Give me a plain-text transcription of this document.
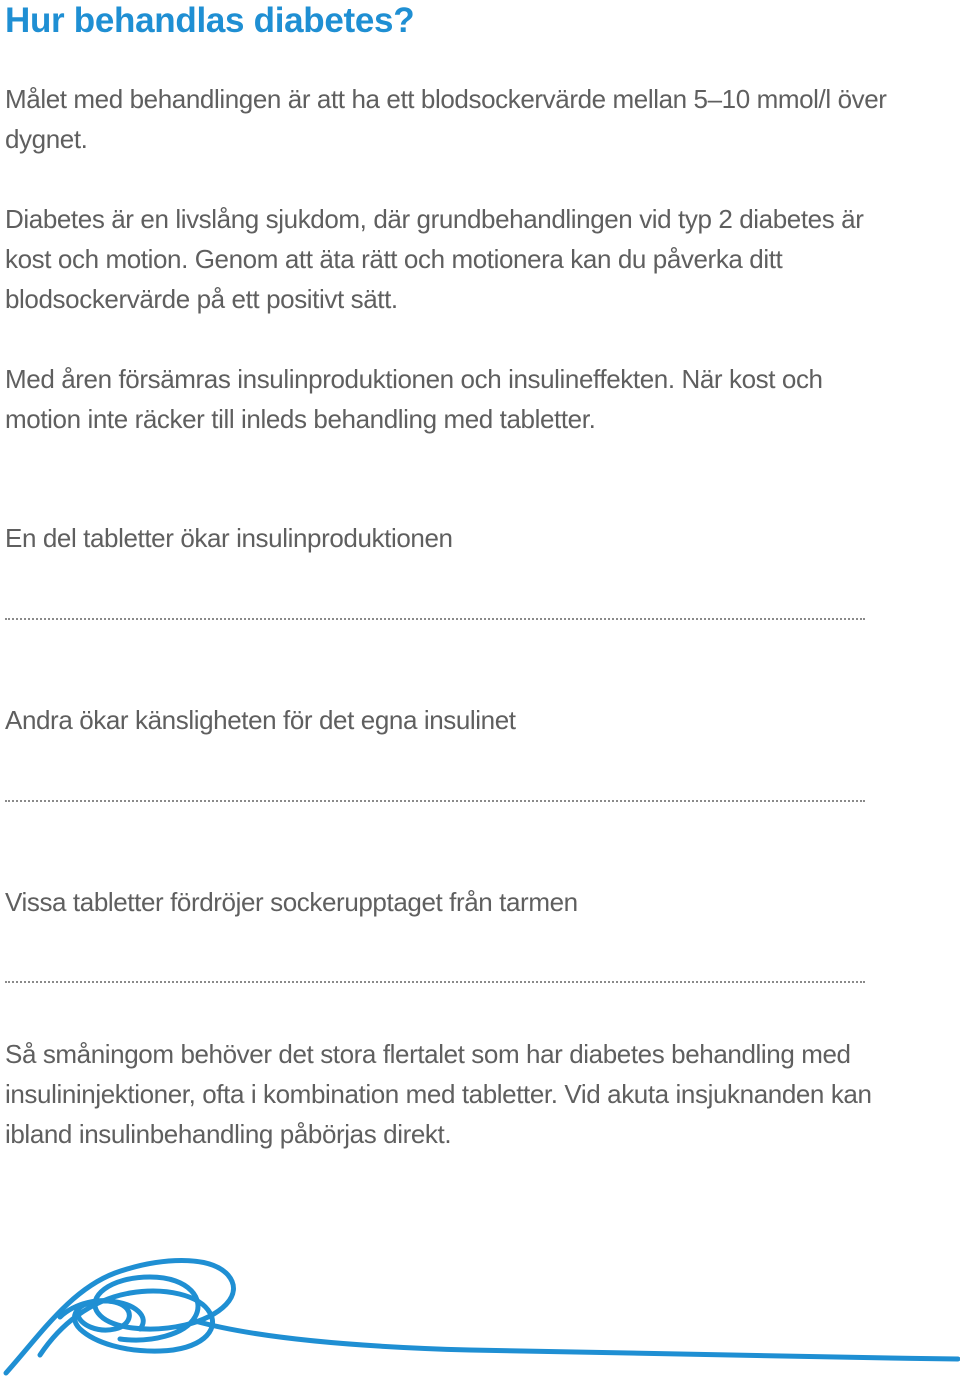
Hur behandlas diabetes?

Målet med behandlingen är att ha ett blodsockervärde mellan 5–10 mmol/l över dygnet.

Diabetes är en livslång sjukdom, där grundbehandlingen vid typ 2 diabetes är kost och motion. Genom att äta rätt och motionera kan du påverka ditt blodsockervärde på ett positivt sätt.

Med åren försämras insulinproduktionen och insulineffekten. När kost och motion inte räcker till inleds behandling med tabletter.

En del tabletter ökar insulinproduktionen

Andra ökar känsligheten för det egna insulinet

Vissa tabletter fördröjer sockerupptaget från tarmen

Så småningom behöver det stora flertalet som har diabetes behandling med insulininjektioner, ofta i kombination med tabletter. Vid akuta insjuknanden kan ibland insulinbehandling påbörjas direkt.
